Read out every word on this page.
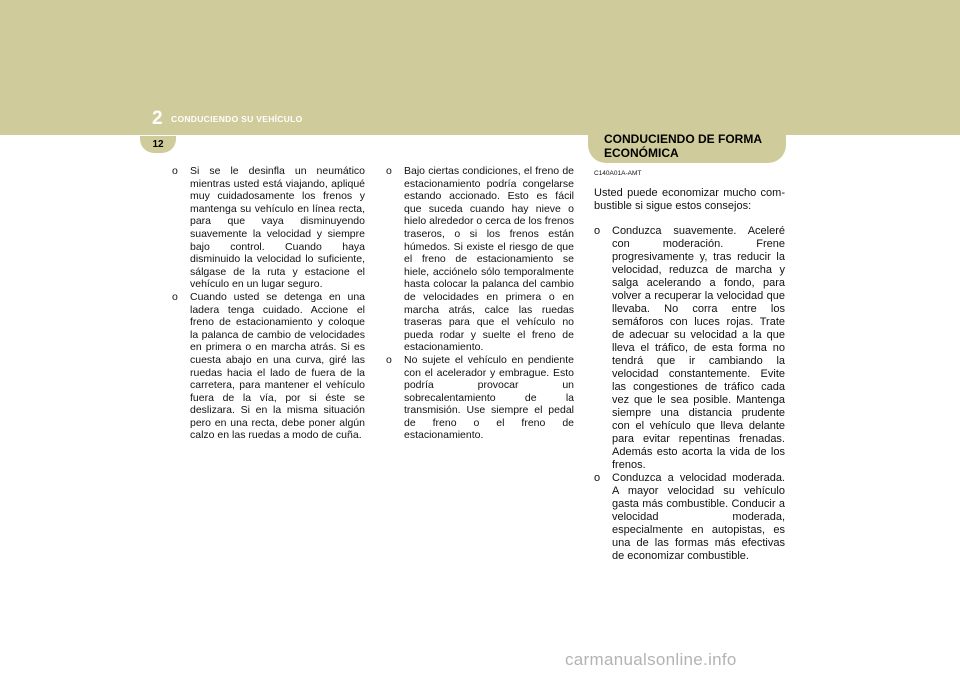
2 CONDUCIENDO SU VEHÍCULO
12	CONDUCIENDO DE FORMA ECONÓMICA
o Si se le desinfla un neumático mientras usted está viajando, apliqué muy cuidadosamente los frenos y mantenga su vehículo en línea recta, para que vaya disminuyendo suavemente la velocidad y siempre bajo control. Cuando haya disminuido la velocidad lo suficiente, sálgase de la ruta y estacione el vehículo en un lugar seguro.
o Cuando usted se detenga en una ladera tenga cuidado. Accione el freno de estacionamiento y coloque la palanca de cambio de velocidades en primera o en marcha atrás. Si es cuesta abajo en una curva, giré las ruedas hacia el lado de fuera de la carretera, para mantener el vehículo fuera de la vía, por si éste se deslizara. Si en la misma situación pero en una recta, debe poner algún calzo en las ruedas a modo de cuña.
o Bajo ciertas condiciones, el freno de estacionamiento podría congelarse estando accionado. Esto es fácil que suceda cuando hay nieve o hielo alrededor o cerca de los frenos traseros, o si los frenos están húmedos. Si existe el riesgo de que el freno de estacionamiento se hiele, acciónelo sólo temporalmente hasta colocar la palanca del cambio de velocidades en primera o en marcha atrás, calce las ruedas traseras para que el vehículo no pueda rodar y suelte el freno de estacionamiento.
o No sujete el vehículo en pendiente con el acelerador y embrague. Esto podría provocar un sobrecalentamiento de la transmisión. Use siempre el pedal de freno o el freno de estacionamiento.
C140A01A-AMT
Usted puede economizar mucho com-bustible si sigue estos consejos:
o Conduzca suavemente. Aceleré con moderación. Frene progresivamente y, tras reducir la velocidad, reduzca de marcha y salga acelerando a fondo, para volver a recuperar la velocidad que llevaba. No corra entre los semáforos con luces rojas. Trate de adecuar su velocidad a la que lleva el tráfico, de esta forma no tendrá que ir cambiando la velocidad constantemente. Evite las congestiones de tráfico cada vez que le sea posible. Mantenga siempre una distancia prudente con el vehículo que lleva delante para evitar repentinas frenadas. Además esto acorta la vida de los frenos.
o Conduzca a velocidad moderada. A mayor velocidad su vehículo gasta más combustible. Conducir a velocidad moderada, especialmente en autopistas, es una de las formas más efectivas de economizar combustible.
carmanualsonline.info
